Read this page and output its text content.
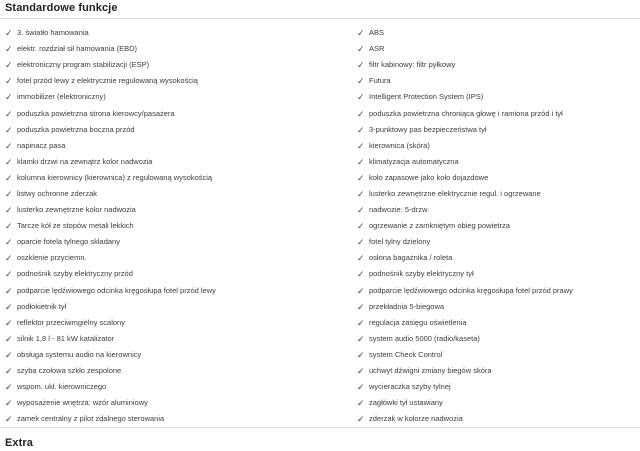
Standardowe funkcje
✓ 3. światło hamowania
✓ elektr. rozdział sił hamowania (EBD)
✓ elektroniczny program stabilizacji (ESP)
✓ fotel przód lewy z elektrycznie regulowaną wysokością
✓ immobilizer (elektroniczny)
✓ poduszka powietrzna strona kierowcy/pasażera
✓ poduszka powietrzna boczna przód
✓ napinacz pasa
✓ klamki drzwi na zewnątrz kolor nadwozia
✓ kolumna kierownicy (kierownica) z regulowaną wysokością
✓ listwy ochronne zderzak
✓ lusterko zewnętrzne kolor nadwozia
✓ Tarcze kół ze stopów metali lekkich
✓ oparcie fotela tylnego składany
✓ oszklenie przyciemn.
✓ podnośnik szyby elektryczny przód
✓ podparcie lędźwiowego odcinka kręgosłupa fotel przód lewy
✓ podłokietnik tył
✓ reflektor przeciwmgielny scalony
✓ silnik 1,8 l - 81 kW katalizator
✓ obsługa systemu audio na kierownicy
✓ szyba czołowa szkło zespolone
✓ wspom. ukł. kierowniczego
✓ wyposażenie wnętrza: wzór aluminiowy
✓ zamek centralny z pilot zdalnego sterowania
✓ ABS
✓ ASR
✓ filtr kabinowy: filtr pyłkowy
✓ Futura
✓ Intelligent Protection System (IPS)
✓ poduszka powietrzna chroniąca głowę i ramiona przód i tył
✓ 3-punktowy pas bezpieczeństwa tył
✓ kierownica (skóra)
✓ klimatyzacja automatyczna
✓ koło zapasowe jako koło dojazdowe
✓ lusterko zewnętrzne elektrycznie regul. i ogrzewane
✓ nadwozie: 5-drzw.
✓ ogrzewanie z zamkniętym obieg powietrza
✓ fotel tylny dzielony
✓ osłona bagażnika / roleta
✓ podnośnik szyby elektryczny tył
✓ podparcie lędźwiowego odcinka kręgosłupa fotel przód prawy
✓ przekładnia 5-biegowa
✓ regulacja zasięgu oświetlenia
✓ system audio 5000 (radio/kaseta)
✓ system Check Control
✓ uchwyt dźwigni zmiany biegów skóra
✓ wycieraczka szyby tylnej
✓ zagłówki tył ustawiany
✓ zderzak w kolorze nadwozia
Extra
